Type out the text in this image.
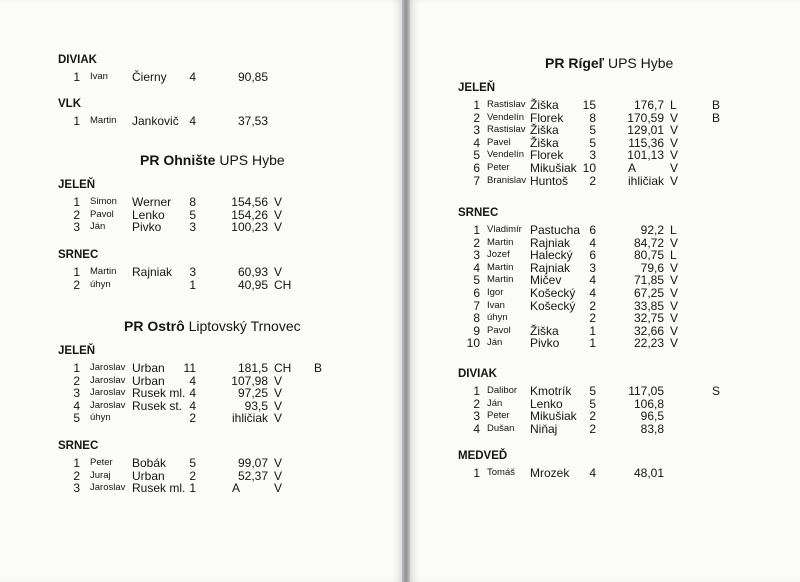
DIVIAK
1 Ivan Čierny	4	90,85
VLK
1 Martin Jankovič 4	37,53
PR Ohnište UPS Hybe
JELEŇ
1 Simon Werner	8	154,56 V
2 Pavol Lenko	5	154,26 V
3 Ján Pivko	3	100,23 V
SRNEC
1 Martin Rajniak	3	60,93 V
2 úhyn	1	40,95 CH
PR Ostrô Liptovský Trnovec
JELEŇ
1 Jaroslav Urban 11	181,5 CH B
2 Jaroslav Urban	4	107,98 V
3 Jaroslav Rusek ml. 4	97,25 V
4 Jaroslav Rusek st. 4	93,5 V
5 úhyn	2	ihličiak V
SRNEC
1 Peter Bobák	5	99,07 V
2 Juraj Urban	2	52,37 V
3 Jaroslav Rusek ml. 1	A	V
PR Rígeľ UPS Hybe
JELEŇ
1 Rastislav Žiška 15	176,7 L	B
2 Vendelín Florek	8	170,59 V	B
3 Rastislav Žiška	5	129,01 V
4 Pavel Žiška	5	115,36 V
5 Vendelín Florek	3	101,13 V
6 Peter Mikušiak 10	A	V
7 Branislav Huntoš	2	ihličiak V
SRNEC
1 Vladimír Pastucha 6	92,2 L
2 Martin Rajniak	4	84,72 V
3 Jozef Halecký	6	80,75 L
4 Martin Rajniak	3	79,6 V
5 Martin Mičev	4	71,85 V
6 Igor Košecký	4	67,25 V
7 Ivan Košecký	2	33,85 V
8 úhyn	2	32,75 V
9 Pavol Žiška	1	32,66 V
10 Ján Pivko	1	22,23 V
DIVIAK
1 Dalibor Kmotrík	5	117,05	S
2 Ján Lenko	5	106,8
3 Peter Mikušiak	2	96,5
4 Dušan Niňaj	2	83,8
MEDVEĎ
1 Tomáš Mrozek	4	48,01
